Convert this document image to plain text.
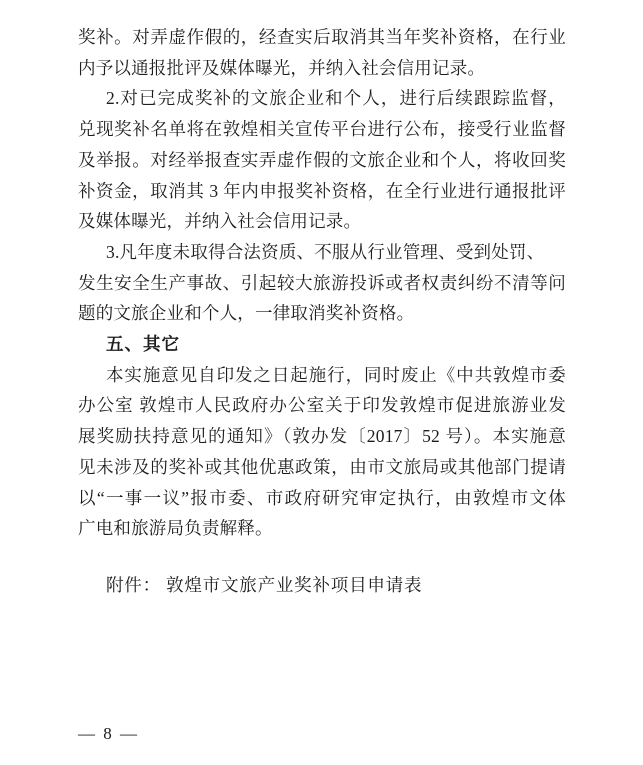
奖补。对弄虚作假的，经查实后取消其当年奖补资格，在行业
内予以通报批评及媒体曝光，并纳入社会信用记录。
2.对已完成奖补的文旅企业和个人，进行后续跟踪监督，
兑现奖补名单将在敦煌相关宣传平台进行公布，接受行业监督
及举报。对经举报查实弄虚作假的文旅企业和个人，将收回奖
补资金，取消其 3 年内申报奖补资格，在全行业进行通报批评
及媒体曝光，并纳入社会信用记录。
3.凡年度未取得合法资质、不服从行业管理、受到处罚、
发生安全生产事故、引起较大旅游投诉或者权责纠纷不清等问
题的文旅企业和个人，一律取消奖补资格。
五、其它
本实施意见自印发之日起施行，同时废止《中共敦煌市委
办公室 敦煌市人民政府办公室关于印发敦煌市促进旅游业发
展奖励扶持意见的通知》（敦办发〔2017〕52 号）。本实施意
见未涉及的奖补或其他优惠政策，由市文旅局或其他部门提请
以“一事一议”报市委、市政府研究审定执行，由敦煌市文体
广电和旅游局负责解释。
附件： 敦煌市文旅产业奖补项目申请表
— 8 —
